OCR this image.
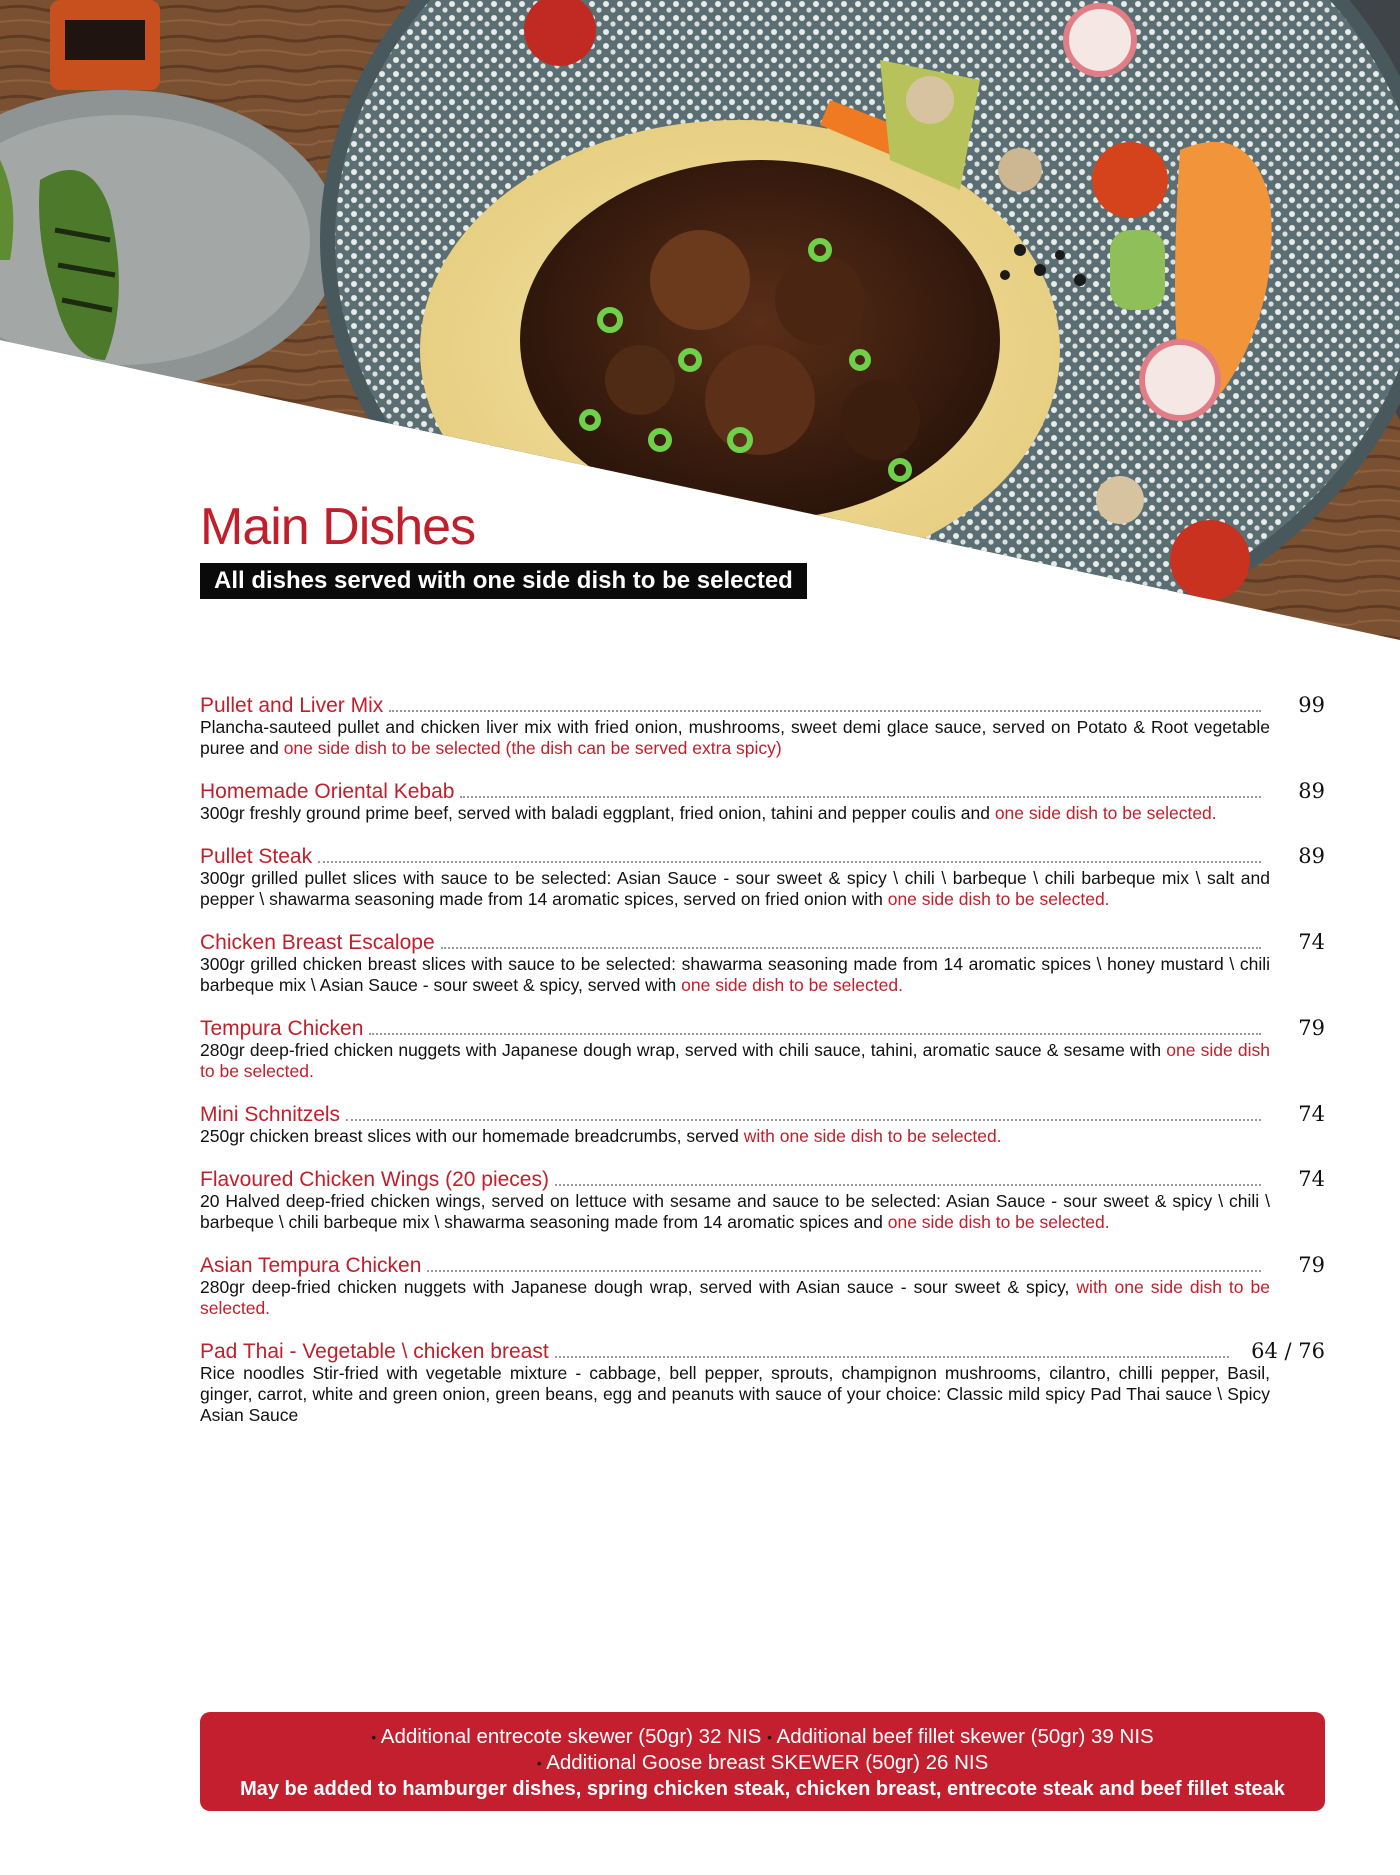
Main Dishes
All dishes served with one side dish to be selected
Pullet and Liver Mix	99
Plancha-sauteed pullet and chicken liver mix with fried onion, mushrooms, sweet demi glace sauce, served on Potato & Root vegetable puree and one side dish to be selected (the dish can be served extra spicy)
Homemade Oriental Kebab	89
300gr freshly ground prime beef, served with baladi eggplant, fried onion, tahini and pepper coulis and one side dish to be selected.
Pullet Steak	89
300gr grilled pullet slices with sauce to be selected: Asian Sauce - sour sweet & spicy \ chili \ barbeque \ chili barbeque mix \ salt and pepper \ shawarma seasoning made from 14 aromatic spices, served on fried onion with one side dish to be selected.
Chicken Breast Escalope	74
300gr grilled chicken breast slices with sauce to be selected: shawarma seasoning made from 14 aromatic spices \ honey mustard \ chili barbeque mix \ Asian Sauce - sour sweet & spicy, served with one side dish to be selected.
Tempura Chicken	79
280gr deep-fried chicken nuggets with Japanese dough wrap, served with chili sauce, tahini, aromatic sauce & sesame with one side dish to be selected.
Mini Schnitzels	74
250gr chicken breast slices with our homemade breadcrumbs, served with one side dish to be selected.
Flavoured Chicken Wings (20 pieces)	74
20 Halved deep-fried chicken wings, served on lettuce with sesame and sauce to be selected: Asian Sauce - sour sweet & spicy \ chili \ barbeque \ chili barbeque mix \ shawarma seasoning made from 14 aromatic spices and one side dish to be selected.
Asian Tempura Chicken	79
280gr deep-fried chicken nuggets with Japanese dough wrap, served with Asian sauce - sour sweet & spicy, with one side dish to be selected.
Pad Thai - Vegetable \ chicken breast	64 / 76
Rice noodles Stir-fried with vegetable mixture - cabbage, bell pepper, sprouts, champignon mushrooms, cilantro, chilli pepper, Basil, ginger, carrot, white and green onion, green beans, egg and peanuts with sauce of your choice: Classic mild spicy Pad Thai sauce \ Spicy Asian Sauce
• Additional entrecote skewer (50gr) 32 NIS • Additional beef fillet skewer (50gr) 39 NIS
• Additional Goose breast SKEWER (50gr) 26 NIS
May be added to hamburger dishes, spring chicken steak, chicken breast, entrecote steak and beef fillet steak
